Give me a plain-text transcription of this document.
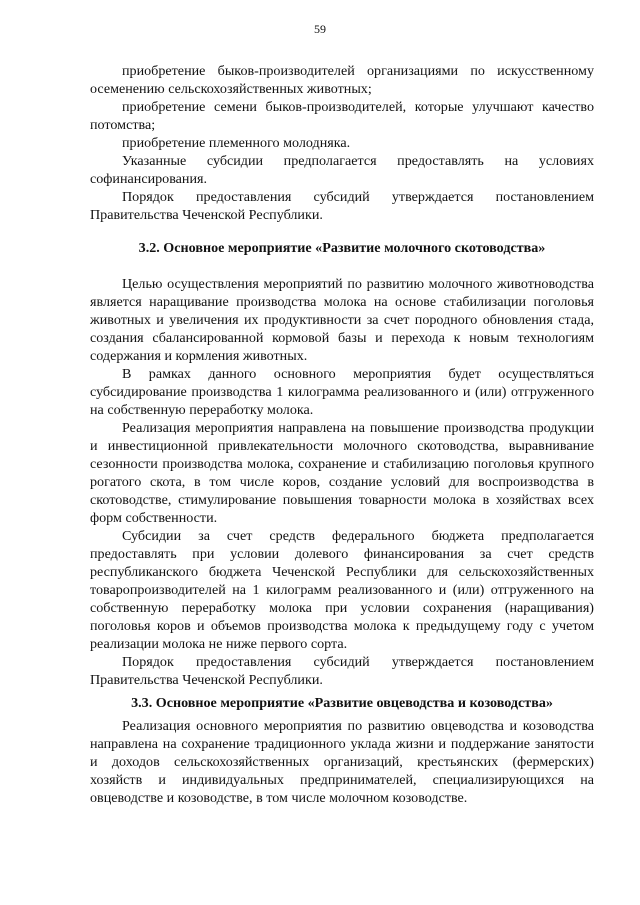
59

приобретение быков-производителей организациями по искусственному осеменению сельскохозяйственных животных;

приобретение семени быков-производителей, которые улучшают качество потомства;

приобретение племенного молодняка.

Указанные субсидии предполагается предоставлять на условиях софинансирования.

Порядок предоставления субсидий утверждается постановлением Правительства Чеченской Республики.

3.2. Основное мероприятие «Развитие молочного скотоводства»

Целью осуществления мероприятий по развитию молочного животноводства является наращивание производства молока на основе стабилизации поголовья животных и увеличения их продуктивности за счет породного обновления стада, создания сбалансированной кормовой базы и перехода к новым технологиям содержания и кормления животных.

В рамках данного основного мероприятия будет осуществляться субсидирование производства 1 килограмма реализованного и (или) отгруженного на собственную переработку молока.

Реализация мероприятия направлена на повышение производства продукции и инвестиционной привлекательности молочного скотоводства, выравнивание сезонности производства молока, сохранение и стабилизацию поголовья крупного рогатого скота, в том числе коров, создание условий для воспроизводства в скотоводстве, стимулирование повышения товарности молока в хозяйствах всех форм собственности.

Субсидии за счет средств федерального бюджета предполагается предоставлять при условии долевого финансирования за счет средств республиканского бюджета Чеченской Республики для сельскохозяйственных товаропроизводителей на 1 килограмм реализованного и (или) отгруженного на собственную переработку молока при условии сохранения (наращивания) поголовья коров и объемов производства молока к предыдущему году с учетом реализации молока не ниже первого сорта.

Порядок предоставления субсидий утверждается постановлением Правительства Чеченской Республики.

3.3. Основное мероприятие «Развитие овцеводства и козоводства»

Реализация основного мероприятия по развитию овцеводства и козоводства направлена на сохранение традиционного уклада жизни и поддержание занятости и доходов сельскохозяйственных организаций, крестьянских (фермерских) хозяйств и индивидуальных предпринимателей, специализирующихся на овцеводстве и козоводстве, в том числе молочном козоводстве.
